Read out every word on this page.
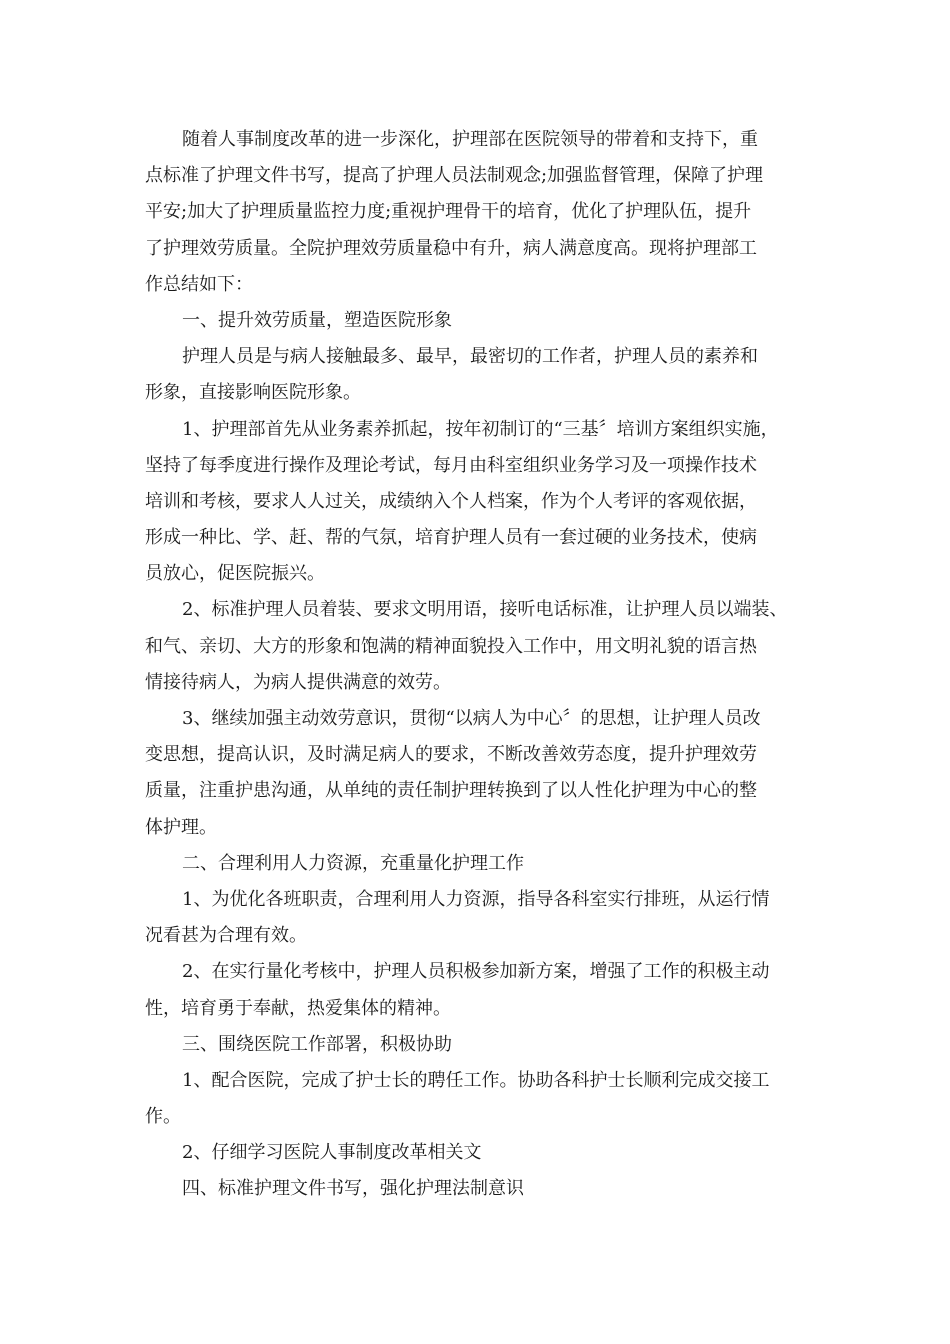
随着人事制度改革的进一步深化，护理部在医院领导的带着和支持下，重
点标准了护理文件书写，提高了护理人员法制观念;加强监督管理，保障了护理
平安;加大了护理质量监控力度;重视护理骨干的培育，优化了护理队伍，提升
了护理效劳质量。全院护理效劳质量稳中有升，病人满意度高。现将护理部工
作总结如下：
一、提升效劳质量，塑造医院形象
护理人员是与病人接触最多、最早，最密切的工作者，护理人员的素养和
形象，直接影响医院形象。
1、护理部首先从业务素养抓起，按年初制订的“三基〞培训方案组织实施，
坚持了每季度进行操作及理论考试，每月由科室组织业务学习及一项操作技术
培训和考核，要求人人过关，成绩纳入个人档案，作为个人考评的客观依据，
形成一种比、学、赶、帮的气氛，培育护理人员有一套过硬的业务技术，使病
员放心，促医院振兴。
2、标准护理人员着装、要求文明用语，接听电话标准，让护理人员以端装、
和气、亲切、大方的形象和饱满的精神面貌投入工作中，用文明礼貌的语言热
情接待病人，为病人提供满意的效劳。
3、继续加强主动效劳意识，贯彻“以病人为中心〞的思想，让护理人员改
变思想，提高认识，及时满足病人的要求，不断改善效劳态度，提升护理效劳
质量，注重护患沟通，从单纯的责任制护理转换到了以人性化护理为中心的整
体护理。
二、合理利用人力资源，充重量化护理工作
1、为优化各班职责，合理利用人力资源，指导各科室实行排班，从运行情
况看甚为合理有效。
2、在实行量化考核中，护理人员积极参加新方案，增强了工作的积极主动
性，培育勇于奉献，热爱集体的精神。
三、围绕医院工作部署，积极协助
1、配合医院，完成了护士长的聘任工作。协助各科护士长顺利完成交接工
作。
2、仔细学习医院人事制度改革相关文
四、标准护理文件书写，强化护理法制意识
